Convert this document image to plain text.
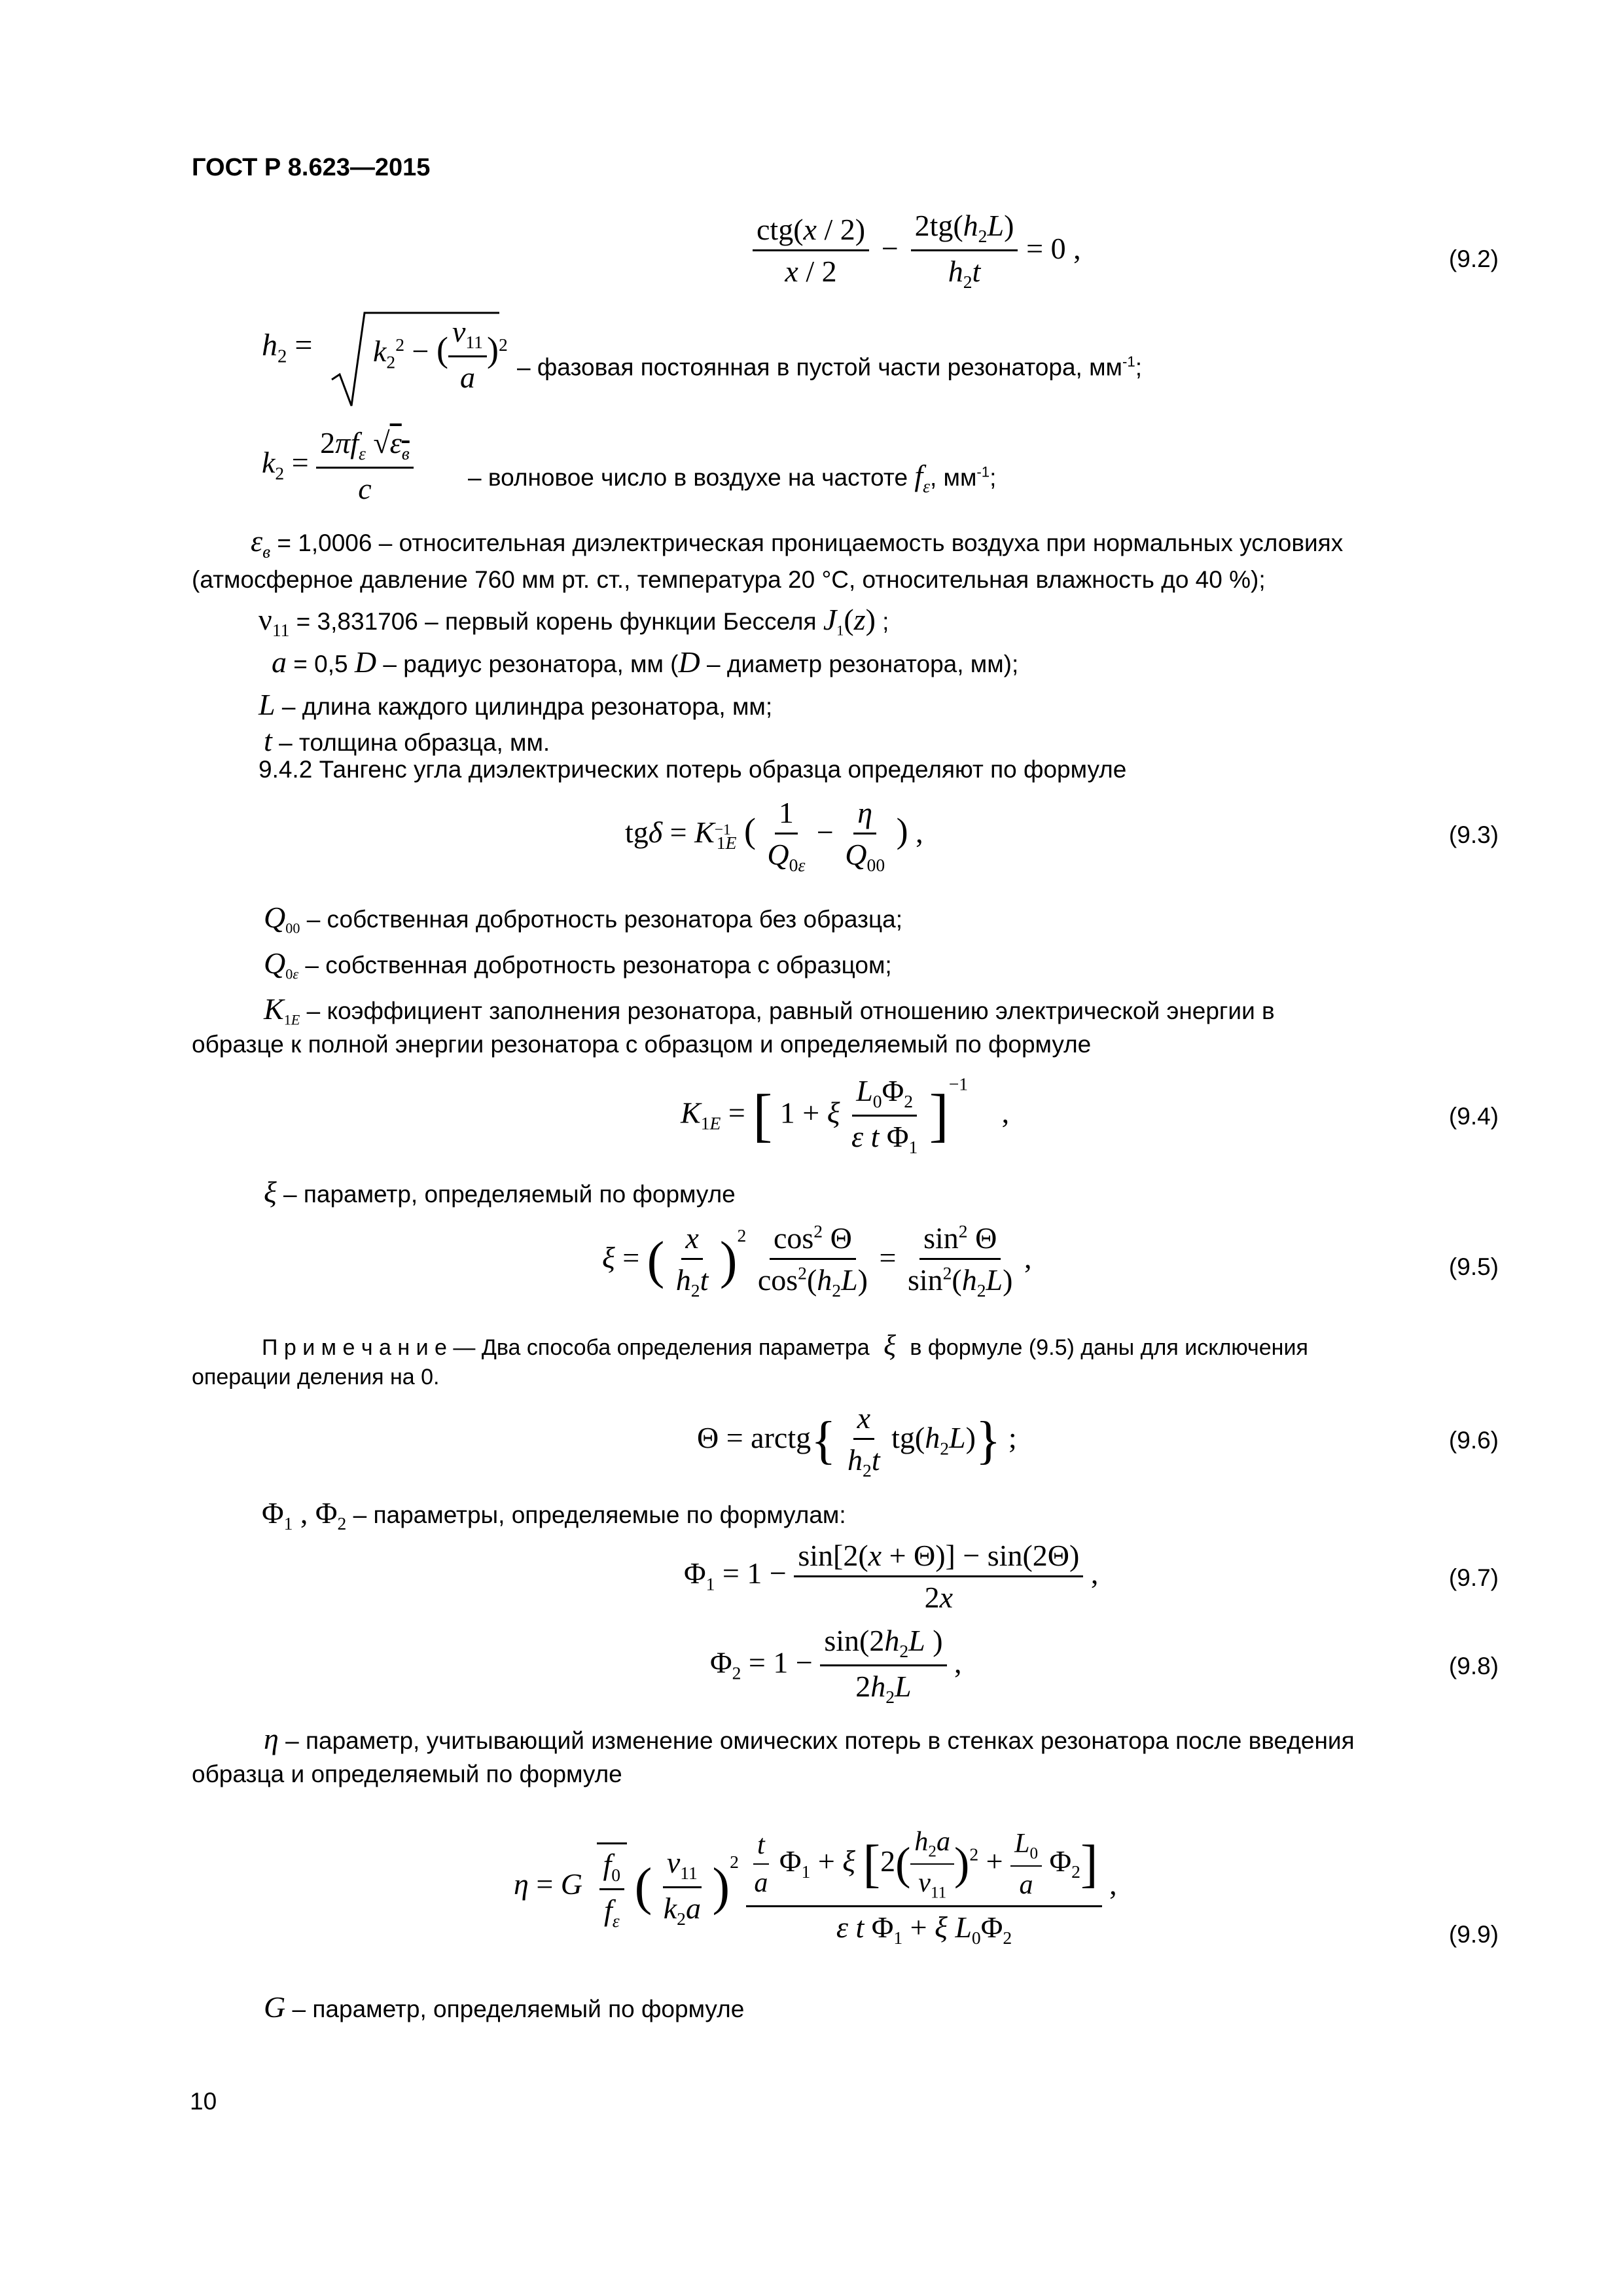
ГОСТ Р 8.623—2015
$\frac{\text{ctg(x / 2)}}{x / 2} - \frac{2tg(h_2L)}{h_2t} = 0$ ,	(9.2)
$h_2 = k_2^2$ − ( $\frac{\nu_{11}}{a} )^2$
– фазовая постоянная в пустой части резонатора, $мм^{-1}$;
$k_2 = \frac{2\pi f_\varepsilon √\varepsilon_в}{c}$ – волновое число в воздухе на частоте $f_\varepsilon$, $мм^{-1}$;
$\varepsilon_в = 1,0006$ – относительная диэлектрическая проницаемость воздуха при нормальных условиях
(атмосферное давление 760 мм рт. ст., температура 20 °С, относительная влажность до 40 %);
$\nu_{11} = 3,831706$ – первый корень функции Бесселя $J_1(z)$ ;
a = 0,5 D – радиус резонатора, мм (D – диаметр резонатора, мм);
L – длина каждого цилиндра резонатора, мм;
t – толщина образца, мм.
9.4.2 Тангенс угла диэлектрических потерь образца определяют по формуле
$tg\delta = K_{^{-1}1E}$ ( $\frac{1}{Q_{0\varepsilon}} - \frac{\eta}{Q_{00}}$ ) ,	(9.3)
$Q_{00}$ – собственная добротность резонатора без образца;
$Q_{0\varepsilon}$ – собственная добротность резонатора с образцом;
$K_{1E}$ – коэффициент заполнения резонатора, равный отношению электрической энергии в
образце к полной энергии резонатора с образцом и определяемый по формуле
$K_{1E}$ = [ 1 + ξ $\frac{L_0\Phi_2}{\varepsilon t \Phi_1} ]^{-1}$ ,	(9.4)
ξ – параметр, определяемый по формуле
ξ = ( $\frac{x}{h_2t} )^2 \frac{\cos^2 \Theta}{\cos^2(h_2L)} = \frac{\sin^2 \Theta}{\sin^2(h_2L)}$ ,	(9.5)
П р и м е ч а н и е — Два способа определения параметра ξ в формуле (9.5) даны для исключения
операции деления на 0.
Θ = arctg{ $\frac{x}{h_2t} tg(h_2L)$} ;	(9.6)
$\Phi_1$ , $\Phi_2$ – параметры, определяемые по формулам:
$\Phi_1 = 1 - \frac{\sin[2(x + \Theta)] - \sin(2\Theta)}{2x}$ ,	(9.7)
$\Phi_2 = 1 - \frac{\sin(2h_2L )}{2h_2L}$ ,	(9.8)
η – параметр, учитывающий изменение омических потерь в стенках резонатора после введения
образца и определяемый по формуле
η = G $\frac{f_0}{f_\varepsilon}$ ( $\frac{\nu_{11}}{k_2a} )^2 \frac{\frac{t}{a} \Phi_1 + \xi [2( \frac{h_2a}{\nu_{11}} )^2 + \frac{L_0}{a} \Phi_2]}{\varepsilon t \Phi_1 + \xi L_0\Phi_2}$ ,
(9.9)
G – параметр, определяемый по формуле
10
